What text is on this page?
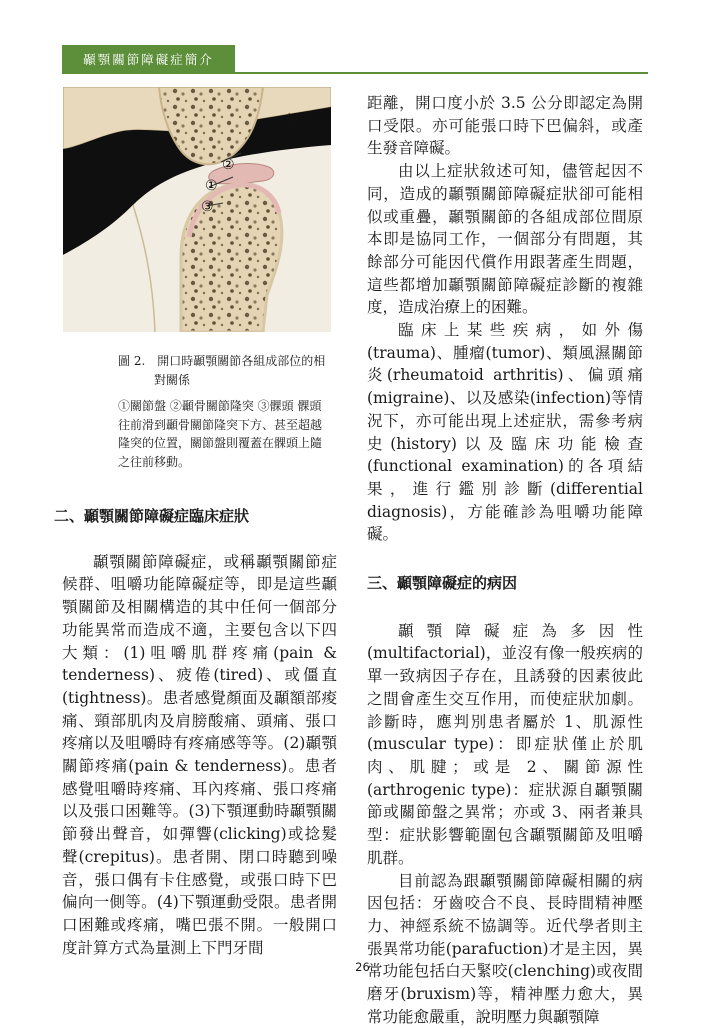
顳顎關節障礙症簡介
前方
②
①
③

圖 2.　開口時顳顎關節各組成部位的相對關係

①關節盤 ②顳骨關節隆突 ③髁頭 髁頭往前滑到顳骨關節隆突下方、甚至超越隆突的位置，關節盤則覆蓋在髁頭上隨之往前移動。

二、顳顎關節障礙症臨床症狀

顳顎關節障礙症，或稱顳顎關節症候群、咀嚼功能障礙症等，即是這些顳顎關節及相關構造的其中任何一個部分功能異常而造成不適，主要包含以下四大類：(1)咀嚼肌群疼痛(pain & tenderness)、疲倦(tired)、或僵直(tightness)。患者感覺顏面及顳額部痠痛、頸部肌肉及肩膀酸痛、頭痛、張口疼痛以及咀嚼時有疼痛感等等。(2)顳顎關節疼痛(pain & tenderness)。患者感覺咀嚼時疼痛、耳內疼痛、張口疼痛以及張口困難等。(3)下顎運動時顳顎關節發出聲音，如彈響(clicking)或捻髮聲(crepitus)。患者開、閉口時聽到噪音，張口偶有卡住感覺，或張口時下巴偏向一側等。(4)下顎運動受限。患者開口困難或疼痛，嘴巴張不開。一般開口度計算方式為量測上下門牙間

距離，開口度小於 3.5 公分即認定為開口受限。亦可能張口時下巴偏斜，或產生發音障礙。

由以上症狀敘述可知，儘管起因不同，造成的顳顎關節障礙症狀卻可能相似或重疊，顳顎關節的各組成部位間原本即是協同工作，一個部分有問題，其餘部分可能因代償作用跟著產生問題，這些都增加顳顎關節障礙症診斷的複雜度，造成治療上的困難。

臨床上某些疾病，如外傷(trauma)、腫瘤(tumor)、類風濕關節炎(rheumatoid arthritis)、偏頭痛(migraine)、以及感染(infection)等情況下，亦可能出現上述症狀，需參考病史(history)以及臨床功能檢查(functional examination)的各項結果，進行鑑別診斷(differential diagnosis)，方能確診為咀嚼功能障礙。

三、顳顎障礙症的病因

顳顎障礙症為多因性(multifactorial)，並沒有像一般疾病的單一致病因子存在，且誘發的因素彼此之間會產生交互作用，而使症狀加劇。診斷時，應判別患者屬於 1、肌源性(muscular type)：即症狀僅止於肌肉、肌腱；或是 2、關節源性(arthrogenic type)：症狀源自顳顎關節或關節盤之異常；亦或 3、兩者兼具型：症狀影響範圍包含顳顎關節及咀嚼肌群。

目前認為跟顳顎關節障礙相關的病因包括：牙齒咬合不良、長時間精神壓力、神經系統不協調等。近代學者則主張異常功能(parafuction)才是主因，異常功能包括白天緊咬(clenching)或夜間磨牙(bruxism)等，精神壓力愈大，異常功能愈嚴重，說明壓力與顳顎障

26
